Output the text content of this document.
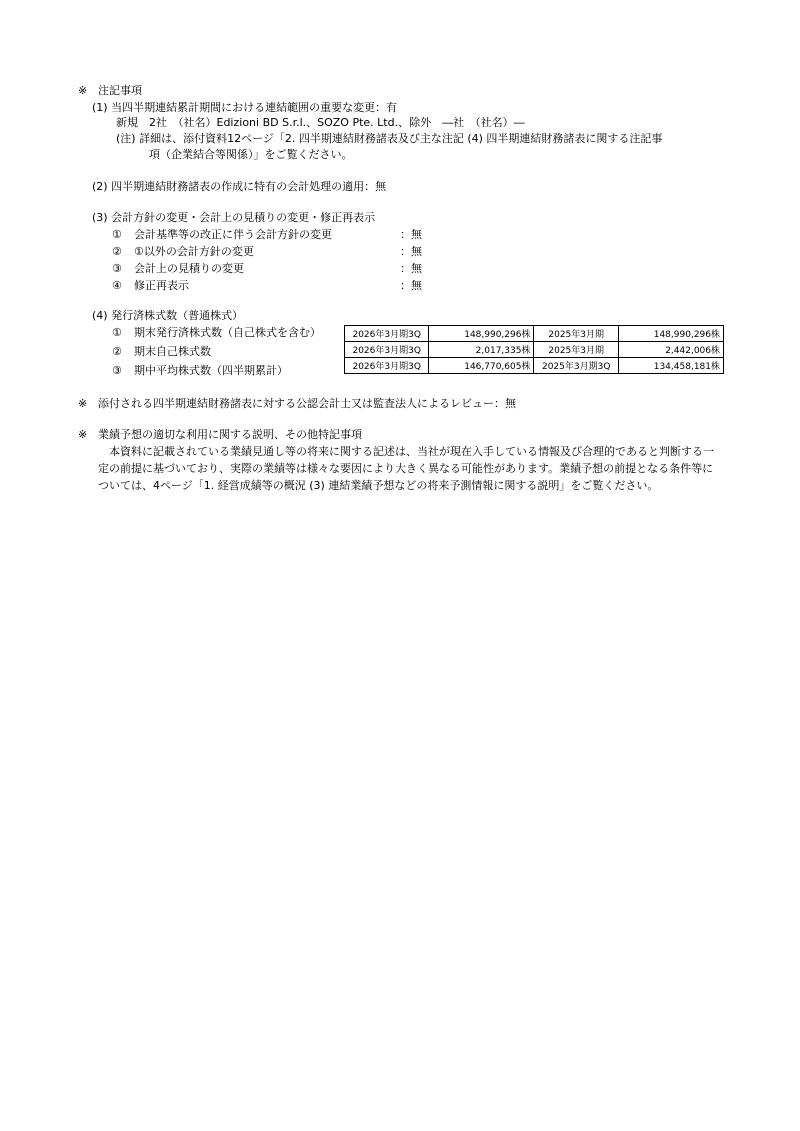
※ 注記事項
(1) 当四半期連結累計期間における連結範囲の重要な変更：有
新規　2社　（社名）Edizioni BD S.r.l.、SOZO Pte. Ltd.、除外　―社　（社名）―
(注) 詳細は、添付資料12ページ「2. 四半期連結財務諸表及び主な注記 (4) 四半期連結財務諸表に関する注記事
項（企業結合等関係）」をご覧ください。
(2) 四半期連結財務諸表の作成に特有の会計処理の適用：無
(3) 会計方針の変更・会計上の見積りの変更・修正再表示
① 会計基準等の改正に伴う会計方針の変更	：無
② ①以外の会計方針の変更	：無
③ 会計上の見積りの変更	：無
④ 修正再表示	：無
(4) 発行済株式数（普通株式）
① 期末発行済株式数（自己株式を含む）
② 期末自己株式数
③ 期中平均株式数（四半期累計）
2026年3月期3Q	148,990,296株	2025年3月期	148,990,296株
2026年3月期3Q	2,017,335株	2025年3月期	2,442,006株
2026年3月期3Q	146,770,605株	2025年3月期3Q	134,458,181株
※ 添付される四半期連結財務諸表に対する公認会計士又は監査法人によるレビュー：無
※ 業績予想の適切な利用に関する説明、その他特記事項
本資料に記載されている業績見通し等の将来に関する記述は、当社が現在入手している情報及び合理的であると判断する一定の前提に基づいており、実際の業績等は様々な要因により大きく異なる可能性があります。業績予想の前提となる条件等については、4ページ「1. 経営成績等の概況 (3) 連結業績予想などの将来予測情報に関する説明」をご覧ください。
